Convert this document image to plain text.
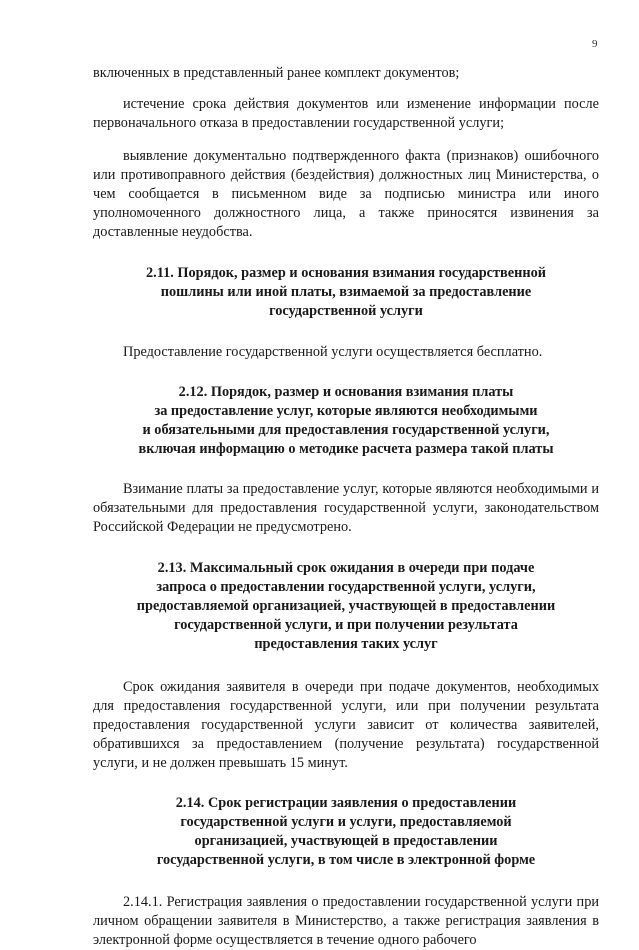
9

включенных в представленный ранее комплект документов;

истечение срока действия документов или изменение информации после первоначального отказа в предоставлении государственной услуги;

выявление документально подтвержденного факта (признаков) ошибочного или противоправного действия (бездействия) должностных лиц Министерства, о чем сообщается в письменном виде за подписью министра или иного уполномоченного должностного лица, а также приносятся извинения за доставленные неудобства.

2.11. Порядок, размер и основания взимания государственной
пошлины или иной платы, взимаемой за предоставление
государственной услуги

Предоставление государственной услуги осуществляется бесплатно.

2.12. Порядок, размер и основания взимания платы
за предоставление услуг, которые являются необходимыми
и обязательными для предоставления государственной услуги,
включая информацию о методике расчета размера такой платы

Взимание платы за предоставление услуг, которые являются необходимыми и обязательными для предоставления государственной услуги, законодательством Российской Федерации не предусмотрено.

2.13. Максимальный срок ожидания в очереди при подаче
запроса о предоставлении государственной услуги, услуги,
предоставляемой организацией, участвующей в предоставлении
государственной услуги, и при получении результата
предоставления таких услуг

Срок ожидания заявителя в очереди при подаче документов, необходимых для предоставления государственной услуги, или при получении результата предоставления государственной услуги зависит от количества заявителей, обратившихся за предоставлением (получение результата) государственной услуги, и не должен превышать 15 минут.

2.14. Срок регистрации заявления о предоставлении
государственной услуги и услуги, предоставляемой
организацией, участвующей в предоставлении
государственной услуги, в том числе в электронной форме

2.14.1. Регистрация заявления о предоставлении государственной услуги при личном обращении заявителя в Министерство, а также регистрация заявления в электронной форме осуществляется в течение одного рабочего
